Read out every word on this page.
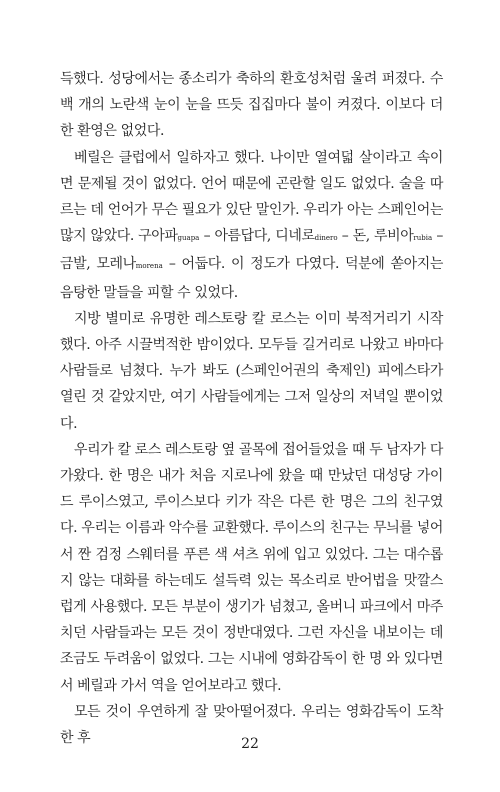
득했다. 성당에서는 종소리가 축하의 환호성처럼 울려 퍼졌다. 수백 개의 노란색 눈이 눈을 뜨듯 집집마다 불이 켜졌다. 이보다 더한 환영은 없었다.

베릴은 클럽에서 일하자고 했다. 나이만 열여덟 살이라고 속이면 문제될 것이 없었다. 언어 때문에 곤란할 일도 없었다. 술을 따르는 데 언어가 무슨 필요가 있단 말인가. 우리가 아는 스페인어는 많지 않았다. 구아파guapa – 아름답다, 디네로dinero – 돈, 루비아rubia – 금발, 모레나morena – 어둡다. 이 정도가 다였다. 덕분에 쏟아지는 음탕한 말들을 피할 수 있었다.

지방 별미로 유명한 레스토랑 칼 로스는 이미 북적거리기 시작했다. 아주 시끌벅적한 밤이었다. 모두들 길거리로 나왔고 바마다 사람들로 넘쳤다. 누가 봐도 (스페인어권의 축제인) 피에스타가 열린 것 같았지만, 여기 사람들에게는 그저 일상의 저녁일 뿐이었다.

우리가 칼 로스 레스토랑 옆 골목에 접어들었을 때 두 남자가 다가왔다. 한 명은 내가 처음 지로나에 왔을 때 만났던 대성당 가이드 루이스였고, 루이스보다 키가 작은 다른 한 명은 그의 친구였다. 우리는 이름과 악수를 교환했다. 루이스의 친구는 무늬를 넣어서 짠 검정 스웨터를 푸른 색 셔츠 위에 입고 있었다. 그는 대수롭지 않는 대화를 하는데도 설득력 있는 목소리로 반어법을 맛깔스럽게 사용했다. 모든 부분이 생기가 넘쳤고, 올버니 파크에서 마주치던 사람들과는 모든 것이 정반대였다. 그런 자신을 내보이는 데 조금도 두려움이 없었다. 그는 시내에 영화감독이 한 명 와 있다면서 베릴과 가서 역을 얻어보라고 했다.

모든 것이 우연하게 잘 맞아떨어졌다. 우리는 영화감독이 도착한 후	22
